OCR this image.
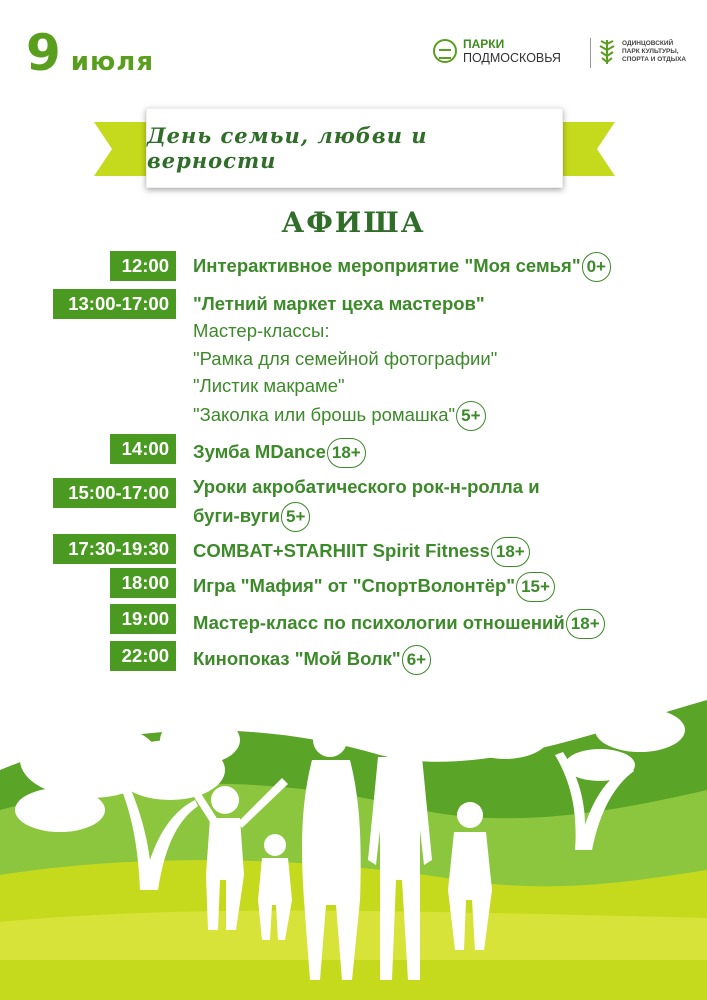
9 июля
ПАРКИ
ПОДМОСКОВЬЯ
ОДИНЦОВСКИЙ ПАРК КУЛЬТУРЫ, СПОРТА И ОТДЫХА
День семьи, любви и верности
АФИША
12:00	Интерактивное мероприятие "Моя семья" 0+
13:00-17:00	"Летний маркет цеха мастеров"
Мастер-классы:
"Рамка для семейной фотографии"
"Листик макраме"
"Заколка или брошь ромашка" 5+
14:00	Зумба MDance 18+
15:00-17:00	Уроки акробатического рок-н-ролла и
буги-вуги 5+
17:30-19:30	COMBAT+STARHIIT Spirit Fitness 18+
18:00	Игра "Мафия" от "СпортВолонтёр" 15+
19:00	Мастер-класс по психологии отношений 18+
22:00	Кинопоказ "Мой Волк" 6+
